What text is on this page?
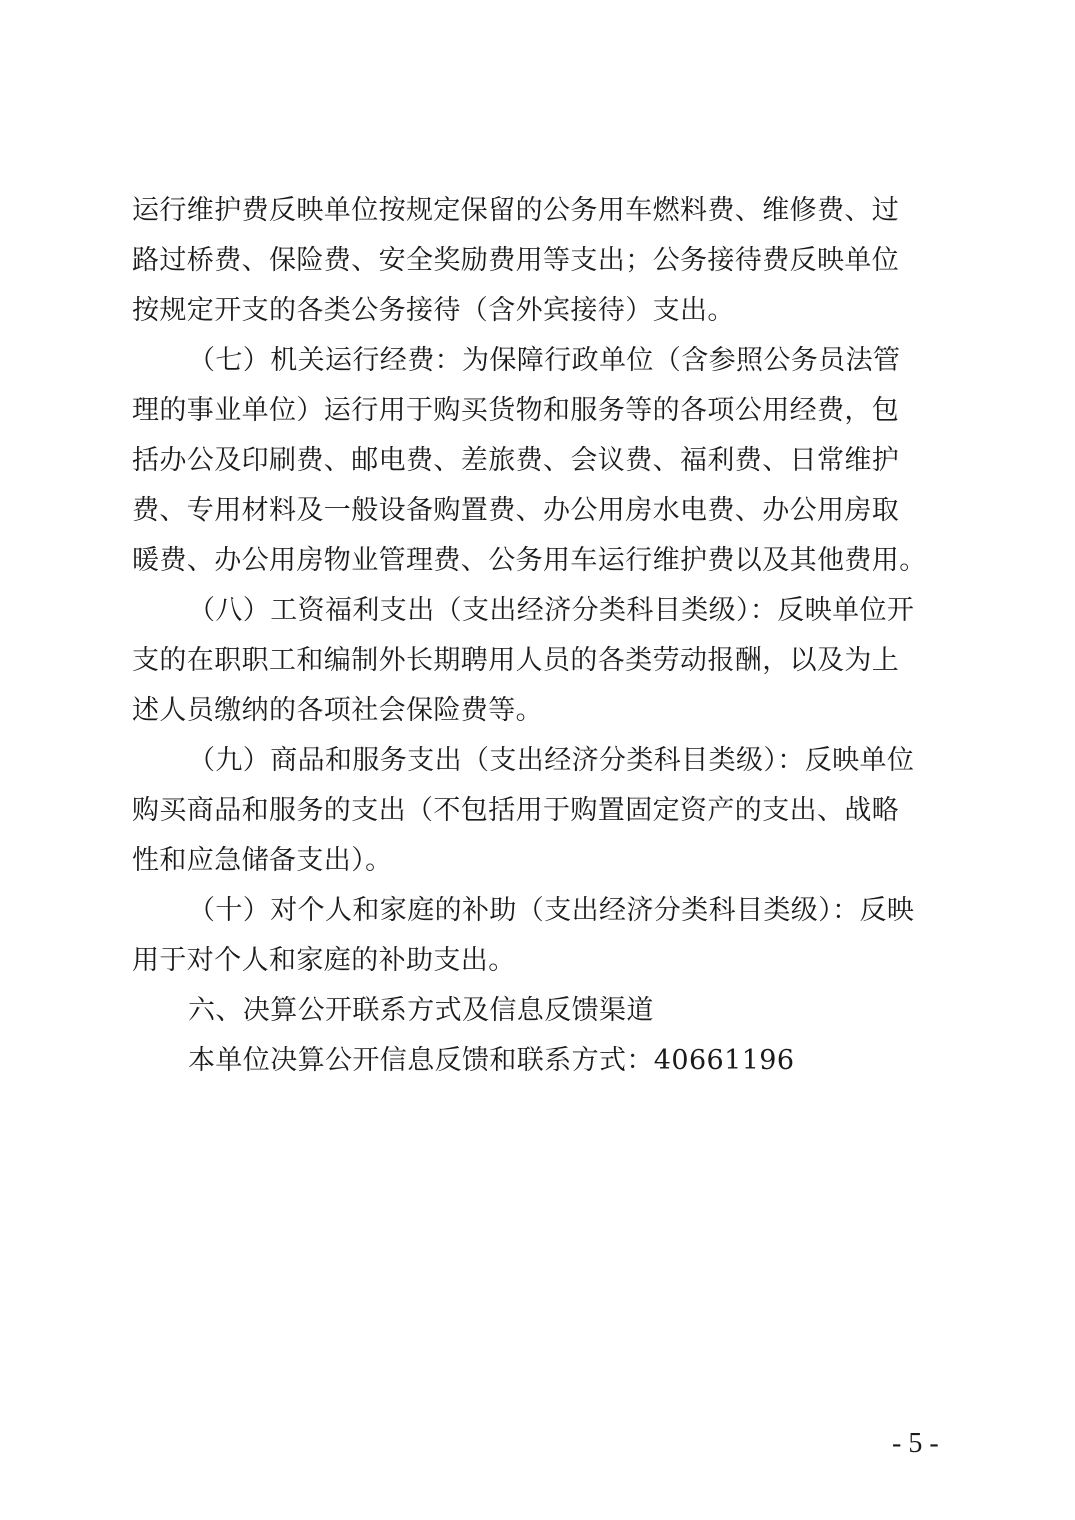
运行维护费反映单位按规定保留的公务用车燃料费、维修费、过
路过桥费、保险费、安全奖励费用等支出；公务接待费反映单位
按规定开支的各类公务接待（含外宾接待）支出。
（七）机关运行经费：为保障行政单位（含参照公务员法管
理的事业单位）运行用于购买货物和服务等的各项公用经费，包
括办公及印刷费、邮电费、差旅费、会议费、福利费、日常维护
费、专用材料及一般设备购置费、办公用房水电费、办公用房取
暖费、办公用房物业管理费、公务用车运行维护费以及其他费用。
（八）工资福利支出（支出经济分类科目类级）：反映单位开
支的在职职工和编制外长期聘用人员的各类劳动报酬，以及为上
述人员缴纳的各项社会保险费等。
（九）商品和服务支出（支出经济分类科目类级）：反映单位
购买商品和服务的支出（不包括用于购置固定资产的支出、战略
性和应急储备支出）。
（十）对个人和家庭的补助（支出经济分类科目类级）：反映
用于对个人和家庭的补助支出。
六、决算公开联系方式及信息反馈渠道
本单位决算公开信息反馈和联系方式：40661196
- 5 -
